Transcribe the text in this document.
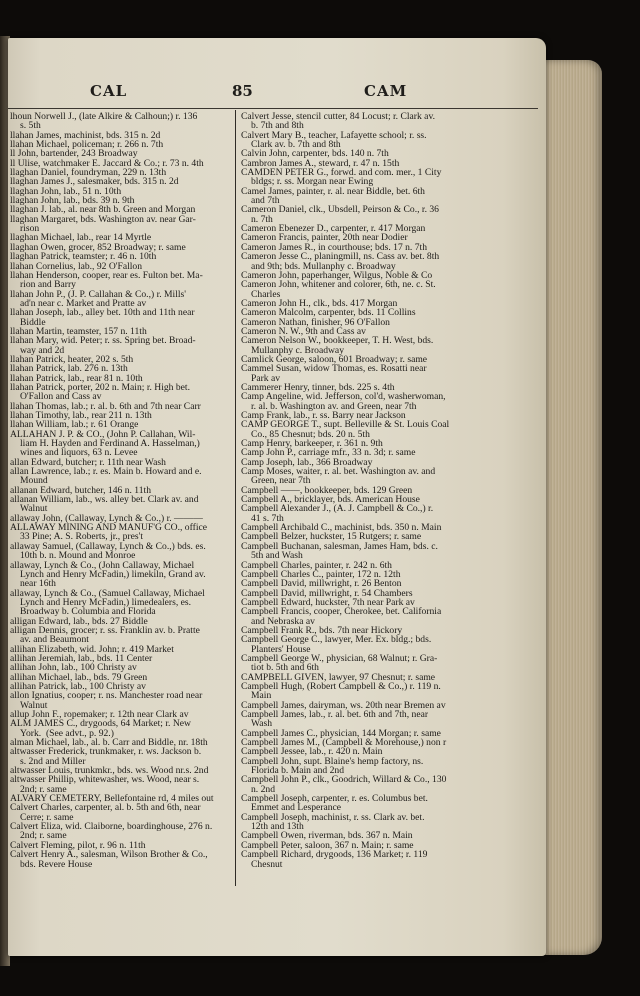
CAL	85	CAM
lhoun Norwell J., (late Alkire & Calhoun;) r. 136
s. 5th
llahan James, machinist, bds. 315 n. 2d
llahan Michael, policeman; r. 266 n. 7th
ll John, bartender, 243 Broadway
ll Ulise, watchmaker E. Jaccard & Co.; r. 73 n. 4th
llaghan Daniel, foundryman, 229 n. 13th
llaghan James J., salesmaker, bds. 315 n. 2d
llaghan John, lab., 51 n. 10th
llaghan John, lab., bds. 39 n. 9th
llaghan J. lab., al. near 8th b. Green and Morgan
llaghan Margaret, bds. Washington av. near Gar-
rison
llaghan Michael, lab., rear 14 Myrtle
llaghan Owen, grocer, 852 Broadway; r. same
llaghan Patrick, teamster; r. 46 n. 10th
llahan Cornelius, lab., 92 O'Fallon
llahan Henderson, cooper, rear es. Fulton bet. Ma-
rion and Barry
llahan John P., (J. P. Callahan & Co.,) r. Mills'
ad'n near c. Market and Pratte av
llahan Joseph, lab., alley bet. 10th and 11th near
Biddle
llahan Martin, teamster, 157 n. 11th
llahan Mary, wid. Peter; r. ss. Spring bet. Broad-
way and 2d
llahan Patrick, heater, 202 s. 5th
llahan Patrick, lab. 276 n. 13th
llahan Patrick, lab., rear 81 n. 10th
llahan Patrick, porter, 202 n. Main; r. High bet.
O'Fallon and Cass av
llahan Thomas, lab.; r. al. b. 6th and 7th near Carr
llahan Timothy, lab., rear 211 n. 13th
llahan William, lab.; r. 61 Orange
ALLAHAN J. P. & CO., (John P. Callahan, Wil-
liam H. Hayden and Ferdinand A. Hasselman,)
wines and liquors, 63 n. Levee
allan Edward, butcher; r. 11th near Wash
allan Lawrence, lab.; r. es. Main b. Howard and e.
Mound
allanan Edward, butcher, 146 n. 11th
allanan William, lab., ws. alley bet. Clark av. and
Walnut
allaway John, (Callaway, Lynch & Co.,) r. ———
ALLAWAY MINING AND MANUF'G CO., office
33 Pine; A. S. Roberts, jr., pres't
allaway Samuel, (Callaway, Lynch & Co.,) bds. es.
10th b. n. Mound and Monroe
allaway, Lynch & Co., (John Callaway, Michael
Lynch and Henry McFadin,) limekiln, Grand av.
near 16th
allaway, Lynch & Co., (Samuel Callaway, Michael
Lynch and Henry McFadin,) limedealers, es.
Broadway b. Columbia and Florida
alligan Edward, lab., bds. 27 Biddle
alligan Dennis, grocer; r. ss. Franklin av. b. Pratte
av. and Beaumont
allihan Elizabeth, wid. John; r. 419 Market
allihan Jeremiah, lab., bds. 11 Center
allihan John, lab., 100 Christy av
allihan Michael, lab., bds. 79 Green
allihan Patrick, lab., 100 Christy av
allon Ignatius, cooper; r. ns. Manchester road near
Walnut
allup John F., ropemaker; r. 12th near Clark av
ALM JAMES C., drygoods, 64 Market; r. New
York.  (See advt., p. 92.)
alman Michael, lab., al. b. Carr and Biddle, nr. 18th
altwasser Frederick, trunkmaker, r. ws. Jackson b.
s. 2nd and Miller
altwasser Louis, trunkmkr., bds. ws. Wood nr.s. 2nd
altwasser Phillip, whitewasher, ws. Wood, near s.
2nd; r. same
ALVARY CEMETERY, Bellefontaine rd, 4 miles out
Calvert Charles, carpenter, al. b. 5th and 6th, near
Cerre; r. same
Calvert Eliza, wid. Claiborne, boardinghouse, 276 n.
2nd; r. same
Calvert Fleming, pilot, r. 96 n. 11th
Calvert Henry A., salesman, Wilson Brother & Co.,
bds. Revere House
Calvert Jesse, stencil cutter, 84 Locust; r. Clark av.
b. 7th and 8th
Calvert Mary B., teacher, Lafayette school; r. ss.
Clark av. b. 7th and 8th
Calvin John, carpenter, bds. 140 n. 7th
Cambron James A., steward, r. 47 n. 15th
CAMDEN PETER G., forwd. and com. mer., 1 City
bldgs; r. ss. Morgan near Ewing
Camel James, painter, r. al. near Biddle, bet. 6th
and 7th
Cameron Daniel, clk., Ubsdell, Peirson & Co., r. 36
n. 7th
Cameron Ebenezer D., carpenter, r. 417 Morgan
Cameron Francis, painter, 20th near Dodier
Cameron James R., in courthouse; bds. 17 n. 7th
Cameron Jesse C., planingmill, ns. Cass av. bet. 8th
and 9th; bds. Mullanphy c. Broadway
Cameron John, paperhanger, Wilgus, Noble & Co
Cameron John, whitener and colorer, 6th, ne. c. St.
Charles
Cameron John H., clk., bds. 417 Morgan
Cameron Malcolm, carpenter, bds. 11 Collins
Cameron Nathan, finisher, 96 O'Fallon
Cameron N. W., 9th and Cass av
Cameron Nelson W., bookkeeper, T. H. West, bds.
Mullanphy c. Broadway
Camlick George, saloon, 601 Broadway; r. same
Cammel Susan, widow Thomas, es. Rosatti near
Park av
Cammerer Henry, tinner, bds. 225 s. 4th
Camp Angeline, wid. Jefferson, col'd, washerwoman,
r. al. b. Washington av. and Green, near 7th
Camp Frank, lab., r. ss. Barry near Jackson
CAMP GEORGE T., supt. Belleville & St. Louis Coal
Co., 85 Chesnut; bds. 20 n. 5th
Camp Henry, barkeeper, r. 361 n. 9th
Camp John P., carriage mfr., 33 n. 3d; r. same
Camp Joseph, lab., 366 Broadway
Camp Moses, waiter, r. al. bet. Washington av. and
Green, near 7th
Campbell ——, bookkeeper, bds. 129 Green
Campbell A., bricklayer, bds. American House
Campbell Alexander J., (A. J. Campbell & Co.,) r.
41 s. 7th
Campbell Archibald C., machinist, bds. 350 n. Main
Campbell Belzer, huckster, 15 Rutgers; r. same
Campbell Buchanan, salesman, James Ham, bds. c.
5th and Wash
Campbell Charles, painter, r. 242 n. 6th
Campbell Charles C., painter, 172 n. 12th
Campbell David, millwright, r. 26 Benton
Campbell David, millwright, r. 54 Chambers
Campbell Edward, huckster, 7th near Park av
Campbell Francis, cooper, Cherokee, bet. California
and Nebraska av
Campbell Frank R., bds. 7th near Hickory
Campbell George C., lawyer, Mer. Ex. bldg.; bds.
Planters' House
Campbell George W., physician, 68 Walnut; r. Gra-
tiot b. 5th and 6th
CAMPBELL GIVEN, lawyer, 97 Chesnut; r. same
Campbell Hugh, (Robert Campbell & Co.,) r. 119 n.
Main
Campbell James, dairyman, ws. 20th near Bremen av
Campbell James, lab., r. al. bet. 6th and 7th, near
Wash
Campbell James C., physician, 144 Morgan; r. same
Campbell James M., (Campbell & Morehouse,) non r
Campbell Jessee, lab., r. 420 n. Main
Campbell John, supt. Blaine's hemp factory, ns.
Florida b. Main and 2nd
Campbell John P., clk., Goodrich, Willard & Co., 130
n. 2nd
Campbell Joseph, carpenter, r. es. Columbus bet.
Emmet and Lesperance
Campbell Joseph, machinist, r. ss. Clark av. bet.
12th and 13th
Campbell Owen, riverman, bds. 367 n. Main
Campbell Peter, saloon, 367 n. Main; r. same
Campbell Richard, drygoods, 136 Market; r. 119
Chesnut
